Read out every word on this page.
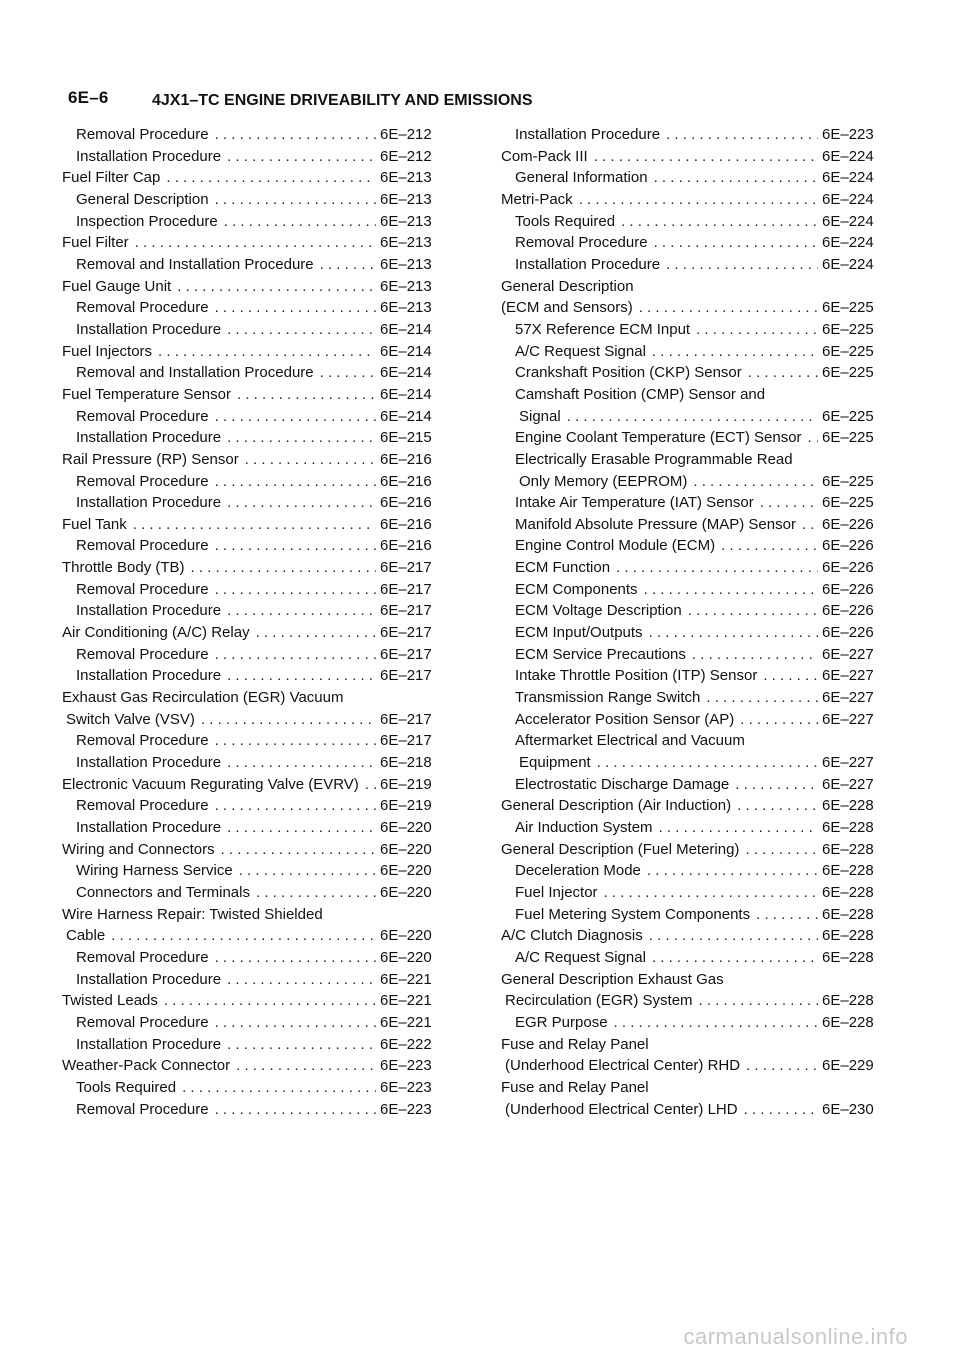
6E–6	4JX1–TC ENGINE DRIVEABILITY AND EMISSIONS
Removal Procedure . . .	6E–212
Installation Procedure . . .	6E–212
Fuel Filter Cap . . .	6E–213
General Description . . .	6E–213
Inspection Procedure . . .	6E–213
Fuel Filter . . .	6E–213
Removal and Installation Procedure . . .	6E–213
Fuel Gauge Unit . . .	6E–213
Removal Procedure . . .	6E–213
Installation Procedure . . .	6E–214
Fuel Injectors . . .	6E–214
Removal and Installation Procedure . . .	6E–214
Fuel Temperature Sensor . . .	6E–214
Removal Procedure . . .	6E–214
Installation Procedure . . .	6E–215
Rail Pressure (RP) Sensor . . .	6E–216
Removal Procedure . . .	6E–216
Installation Procedure . . .	6E–216
Fuel Tank . . .	6E–216
Removal Procedure . . .	6E–216
Throttle Body (TB) . . .	6E–217
Removal Procedure . . .	6E–217
Installation Procedure . . .	6E–217
Air Conditioning (A/C) Relay . . .	6E–217
Removal Procedure . . .	6E–217
Installation Procedure . . .	6E–217
Exhaust Gas Recirculation (EGR) Vacuum
Switch Valve (VSV) . . .	6E–217
Removal Procedure . . .	6E–217
Installation Procedure . . .	6E–218
Electronic Vacuum Regurating Valve (EVRV) . . . 6E–219
Removal Procedure . . .	6E–219
Installation Procedure . . .	6E–220
Wiring and Connectors . . .	6E–220
Wiring Harness Service . . .	6E–220
Connectors and Terminals . . .	6E–220
Wire Harness Repair: Twisted Shielded
Cable . . .	6E–220
Removal Procedure . . .	6E–220
Installation Procedure . . .	6E–221
Twisted Leads . . .	6E–221
Removal Procedure . . .	6E–221
Installation Procedure . . .	6E–222
Weather-Pack Connector . . .	6E–223
Tools Required . . .	6E–223
Removal Procedure . . .	6E–223
Installation Procedure . . .	6E–223
Com-Pack III . . .	6E–224
General Information . . .	6E–224
Metri-Pack . . .	6E–224
Tools Required . . .	6E–224
Removal Procedure . . .	6E–224
Installation Procedure . . .	6E–224
General Description
(ECM and Sensors) . . .	6E–225
57X Reference ECM Input . . .	6E–225
A/C Request Signal . . .	6E–225
Crankshaft Position (CKP) Sensor . . .	6E–225
Camshaft Position (CMP) Sensor and
Signal . . .	6E–225
Engine Coolant Temperature (ECT) Sensor . . . 6E–225
Electrically Erasable Programmable Read
Only Memory (EEPROM) . . .	6E–225
Intake Air Temperature (IAT) Sensor . . .	6E–225
Manifold Absolute Pressure (MAP) Sensor . . . 6E–226
Engine Control Module (ECM) . . .	6E–226
ECM Function . . .	6E–226
ECM Components . . .	6E–226
ECM Voltage Description . . .	6E–226
ECM Input/Outputs . . .	6E–226
ECM Service Precautions . . .	6E–227
Intake Throttle Position (ITP) Sensor . . .	6E–227
Transmission Range Switch . . .	6E–227
Accelerator Position Sensor (AP) . . .	6E–227
Aftermarket Electrical and Vacuum
Equipment . . .	6E–227
Electrostatic Discharge Damage . . .	6E–227
General Description (Air Induction) . . .	6E–228
Air Induction System . . .	6E–228
General Description (Fuel Metering) . . .	6E–228
Deceleration Mode . . .	6E–228
Fuel Injector . . .	6E–228
Fuel Metering System Components . . .	6E–228
A/C Clutch Diagnosis . . .	6E–228
A/C Request Signal . . .	6E–228
General Description Exhaust Gas
Recirculation (EGR) System . . .	6E–228
EGR Purpose . . .	6E–228
Fuse and Relay Panel
(Underhood Electrical Center) RHD . . .	6E–229
Fuse and Relay Panel
(Underhood Electrical Center) LHD . . .	6E–230
carmanualsonline.info
